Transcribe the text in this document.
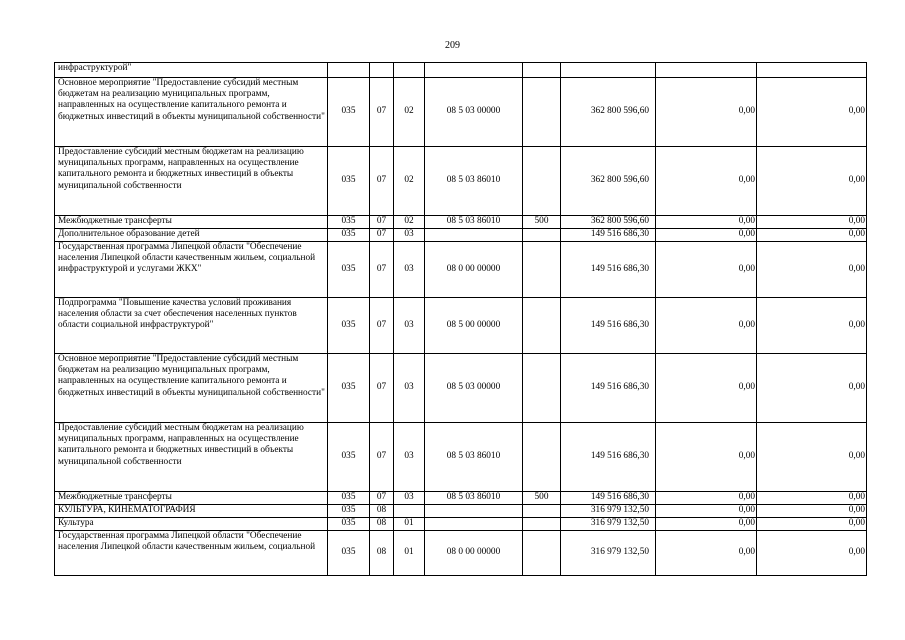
209
инфраструктурой"								
Основное мероприятие "Предоставление субсидий местным бюджетам на реализацию муниципальных программ, направленных на осуществление капитального ремонта и бюджетных инвестиций в объекты муниципальной собственности"	035	07	02	08 5 03 00000		362 800 596,60	0,00	0,00
Предоставление субсидий местным бюджетам на реализацию муниципальных программ, направленных на осуществление капитального ремонта и бюджетных инвестиций в объекты муниципальной собственности	035	07	02	08 5 03 86010		362 800 596,60	0,00	0,00
Межбюджетные трансферты	035	07	02	08 5 03 86010	500	362 800 596,60	0,00	0,00
Дополнительное образование детей	035	07	03			149 516 686,30	0,00	0,00
Государственная программа Липецкой области "Обеспечение населения Липецкой области качественным жильем, социальной инфраструктурой и услугами ЖКХ"	035	07	03	08 0 00 00000		149 516 686,30	0,00	0,00
Подпрограмма "Повышение качества условий проживания населения области за счет обеспечения населенных пунктов области социальной инфраструктурой"	035	07	03	08 5 00 00000		149 516 686,30	0,00	0,00
Основное мероприятие "Предоставление субсидий местным бюджетам на реализацию муниципальных программ, направленных на осуществление капитального ремонта и бюджетных инвестиций в объекты муниципальной собственности"	035	07	03	08 5 03 00000		149 516 686,30	0,00	0,00
Предоставление субсидий местным бюджетам на реализацию муниципальных программ, направленных на осуществление капитального ремонта и бюджетных инвестиций в объекты муниципальной собственности	035	07	03	08 5 03 86010		149 516 686,30	0,00	0,00
Межбюджетные трансферты	035	07	03	08 5 03 86010	500	149 516 686,30	0,00	0,00
КУЛЬТУРА, КИНЕМАТОГРАФИЯ	035	08				316 979 132,50	0,00	0,00
Культура	035	08	01			316 979 132,50	0,00	0,00
Государственная программа Липецкой области "Обеспечение населения Липецкой области качественным жильем, социальной	035	08	01	08 0 00 00000		316 979 132,50	0,00	0,00
